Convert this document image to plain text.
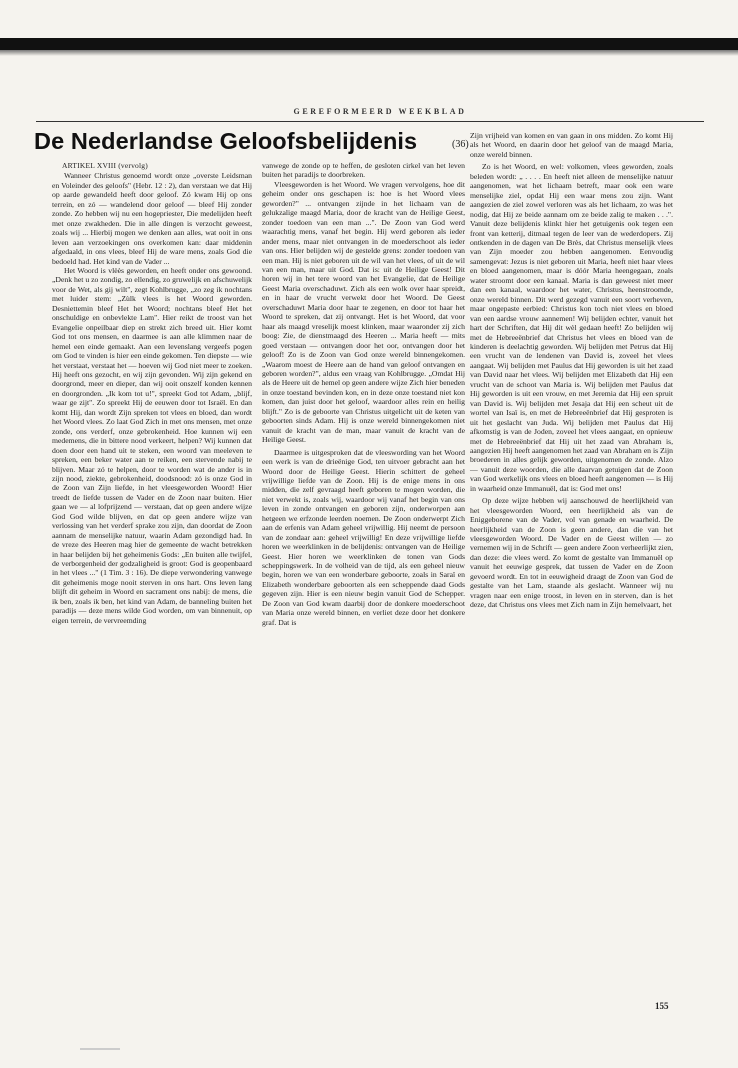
GEREFORMEERD WEEKBLAD
De Nederlandse Geloofsbelijdenis	(36)
ARTIKEL XVIII (vervolg)

Wanneer Christus genoemd wordt onze „overste Leidsman en Voleinder des geloofs" (Hebr. 12 : 2), dan verstaan we dat Hij op aarde gewandeld heeft door geloof. Zó kwam Hij op ons terrein, en zó — wandelend door geloof — bleef Hij zonder zonde. Zo hebben wij nu een hogepriester, Die medelijden heeft met onze zwakheden. Die in alle dingen is verzocht geweest, zoals wij ... Hierbij mogen we denken aan alles, wat ooit in ons leven aan verzoekingen ons overkomen kan: daar middenin afgedaald, in ons vlees, bleef Hij de ware mens, zoals God die bedoeld had. Het kind van de Vader ...

Het Woord is vlèès geworden, en heeft onder ons gewoond. „Denk het u zo zondig, zo ellendig, zo gruwelijk en afschuwelijk voor de Wet, als gij wilt", zegt Kohlbrugge, „zo zeg ik nochtans met luider stem: „Zùlk vlees is het Woord geworden. Desniettemin bleef Het het Woord; nochtans bleef Het het onschuldige en onbevlekte Lam". Hier reikt de troost van het Evangelie onpeilbaar diep en strekt zich breed uit. Hier komt God tot ons mensen, en daarmee is aan alle klimmen naar de hemel een einde gemaakt. Aan een levenslang vergeefs pogen om God te vinden is hier een einde gekomen. Ten diepste — wie het verstaat, verstaat het — hoeven wij God niet meer te zoeken. Hij heeft ons gezocht, en wij zijn gevonden. Wij zijn gekend en doorgrond, meer en dieper, dan wij ooit onszelf konden kennen en doorgronden. „Ik kom tot u!", spreekt God tot Adam, „blijf, waar ge zijt". Zo spreekt Hij de eeuwen door tot Israël. En dan komt Hij, dan wordt Zijn spreken tot vlees en bloed, dan wordt het Woord vlees. Zo laat God Zich in met ons mensen, met onze zonde, ons verderf, onze gebrokenheid. Hoe kunnen wij een medemens, die in bittere nood verkeert, helpen? Wij kunnen dat doen door een hand uit te steken, een woord van meeleven te spreken, een beker water aan te reiken, een stervende nabij te blijven. Maar zó te helpen, door te worden wat de ander is in zijn nood, ziekte, gebrokenheid, doodsnood: zó is onze God in de Zoon van Zijn liefde, in het vleesgeworden Woord! Hier treedt de liefde tussen de Vader en de Zoon naar buiten. Hier gaan we — al lofprijzend — verstaan, dat op geen andere wijze God God wilde blijven, en dat op geen andere wijze van verlossing van het verderf sprake zou zijn, dan doordat de Zoon aannam de menselijke natuur, waarin Adam gezondigd had. In de vreze des Heeren mag hier de gemeente de wacht betrekken in haar belijden bij het geheimenis Gods: „En buiten alle twijfel, de verborgenheid der godzaligheid is groot: God is geopenbaard in het vlees ..." (1 Tim. 3 : 16). De diepe verwondering vanwege dit geheimenis moge nooit sterven in ons hart. Ons leven lang blijft dit geheim in Woord en sacrament ons nabij: de mens, die ik ben, zoals ik ben, het kind van Adam, de banneling buiten het paradijs — deze mens wilde God worden, om van binnenuit, op eigen terrein, de vervreemding

vanwege de zonde op te heffen, de gesloten cirkel van het leven buiten het paradijs te doorbreken.

Vleesgeworden is het Woord. We vragen vervolgens, hoe dit geheim onder ons geschapen is: hoe is het Woord vlees geworden?" ... ontvangen zijnde in het lichaam van de gelukzalige maagd Maria, door de kracht van de Heilige Geest, zonder toedoen van een man ...". De Zoon van God werd waarachtig mens, vanaf het begin. Hij werd geboren als ieder ander mens, maar niet ontvangen in de moederschoot als ieder van ons. Hier belijden wij de gestelde grens: zonder toedoen van een man. Hij is niet geboren uit de wil van het vlees, of uit de wil van een man, maar uit God. Dat is: uit de Heilige Geest! Dit horen wij in het tere woord van het Evangelie, dat de Heilige Geest Maria overschaduwt. Zich als een wolk over haar spreidt, en in haar de vrucht verwekt door het Woord. De Geest overschaduwt Maria door haar te zegenen, en door tot haar het Woord te spreken, dat zij ontvangt. Het is het Woord, dat voor haar als maagd vreselijk moest klinken, maar waaronder zij zich boog: Zie, de dienstmaagd des Heeren ... Maria heeft — mits goed verstaan — ontvangen door het oor, ontvangen door het geloof! Zo is de Zoon van God onze wereld binnengekomen. „Waarom moest de Heere aan de hand van geloof ontvangen en geboren worden?", aldus een vraag van Kohlbrugge. „Omdat Hij als de Heere uit de hemel op geen andere wijze Zich hier beneden in onze toestand bevinden kon, en in deze onze toestand niet kon komen, dan juist door het geloof, waardoor alles rein en heilig blijft." Zo is de geboorte van Christus uitgelicht uit de keten van geboorten sinds Adam. Hij is onze wereld binnengekomen niet vanuit de kracht van de man, maar vanuit de kracht van de Heilige Geest.

Daarmee is uitgesproken dat de vleeswording van het Woord een werk is van de drieënige God, ten uitvoer gebracht aan het Woord door de Heilige Geest. Hierin schittert de geheel vrijwillige liefde van de Zoon. Hij is de enige mens in ons midden, die zelf gevraagd heeft geboren te mogen worden, die niet verwekt is, zoals wij, waardoor wij vanaf het begin van ons leven in zonde ontvangen en geboren zijn, onderworpen aan hetgeen we erfzonde leerden noemen. De Zoon onderwerpt Zich aan de erfenis van Adam geheel vrijwillig. Hij neemt de persoon van de zondaar aan: geheel vrijwillig! En deze vrijwillige liefde horen we weerklinken in de belijdenis: ontvangen van de Heilige Geest. Hier horen we weerklinken de tonen van Gods scheppingswerk. In de volheid van de tijd, als een geheel nieuw begin, horen we van een wonderbare geboorte, zoals in Saraï en Elizabeth wonderbare geboorten als een scheppende daad Gods gegeven zijn. Hier is een nieuw begin vanuit God de Schepper. De Zoon van God kwam daarbij door de donkere moederschoot van Maria onze wereld binnen, en verliet deze door het donkere graf. Dat is

Zijn vrijheid van komen en van gaan in ons midden. Zo komt Hij als het Woord, en daarin door het geloof van de maagd Maria, onze wereld binnen.

Zo is het Woord, en wel: volkomen, vlees geworden, zoals beleden wordt: „ . . . . En heeft niet alleen de menselijke natuur aangenomen, wat het lichaam betreft, maar ook een ware menselijke ziel, opdat Hij een waar mens zou zijn. Want aangezien de ziel zowel verloren was als het lichaam, zo was het nodig, dat Hij ze beide aannam om ze beide zalig te maken . . .". Vanuit deze belijdenis klinkt hier het getuigenis ook tegen een front van ketterij, ditmaal tegen de leer van de wederdopers. Zij ontkenden in de dagen van De Brès, dat Christus menselijk vlees van Zijn moeder zou hebben aangenomen. Eenvoudig samengevat: Jezus is niet geboren uit Maria, heeft niet haar vlees en bloed aangenomen, maar is dóór Maria heengegaan, zoals water stroomt door een kanaal. Maria is dan geweest niet meer dan een kanaal, waardoor het water, Christus, heenstroomde, onze wereld binnen. Dit werd gezegd vanuit een soort verheven, maar ongepaste eerbied: Christus kon toch niet vlees en bloed van een aardse vrouw aannemen! Wij belijden echter, vanuit het hart der Schriften, dat Hij dit wèl gedaan heeft! Zo belijden wij met de Hebreeënbrief dat Christus het vlees en bloed van de kinderen is deelachtig geworden. Wij belijden met Petrus dat Hij een vrucht van de lendenen van David is, zoveel het vlees aangaat. Wij belijden met Paulus dat Hij geworden is uit het zaad van David naar het vlees. Wij belijden met Elizabeth dat Hij een vrucht van de schoot van Maria is. Wij belijden met Paulus dat Hij geworden is uit een vrouw, en met Jeremia dat Hij een spruit van David is. Wij belijden met Jesaja dat Hij een scheut uit de wortel van Isaï is, en met de Hebreeënbrief dat Hij gesproten is uit het geslacht van Juda. Wij belijden met Paulus dat Hij afkomstig is van de Joden, zoveel het vlees aangaat, en opnieuw met de Hebreeënbrief dat Hij uit het zaad van Abraham is, aangezien Hij heeft aangenomen het zaad van Abraham en is Zijn broederen in alles gelijk geworden, uitgenomen de zonde. Alzo — vanuit deze woorden, die alle daarvan getuigen dat de Zoon van God werkelijk ons vlees en bloed heeft aangenomen — is Hij in waarheid onze Immanuël, dat is: God met ons!

Op deze wijze hebben wij aanschouwd de heerlijkheid van het vleesgeworden Woord, een heerlijkheid als van de Eniggeborene van de Vader, vol van genade en waarheid. De heerlijkheid van de Zoon is geen andere, dan die van het vleesgeworden Woord. De Vader en de Geest willen — zo vernemen wij in de Schrift — geen andere Zoon verheerlijkt zien, dan deze: die vlees werd. Zo komt de gestalte van Immanuël op vanuit het eeuwige gesprek, dat tussen de Vader en de Zoon gevoerd wordt. En tot in eeuwigheid draagt de Zoon van God de gestalte van het Lam, staande als geslacht. Wanneer wij nu vragen naar een enige troost, in leven en in sterven, dan is het deze, dat Christus ons vlees met Zich nam in Zijn hemelvaart, het

155
